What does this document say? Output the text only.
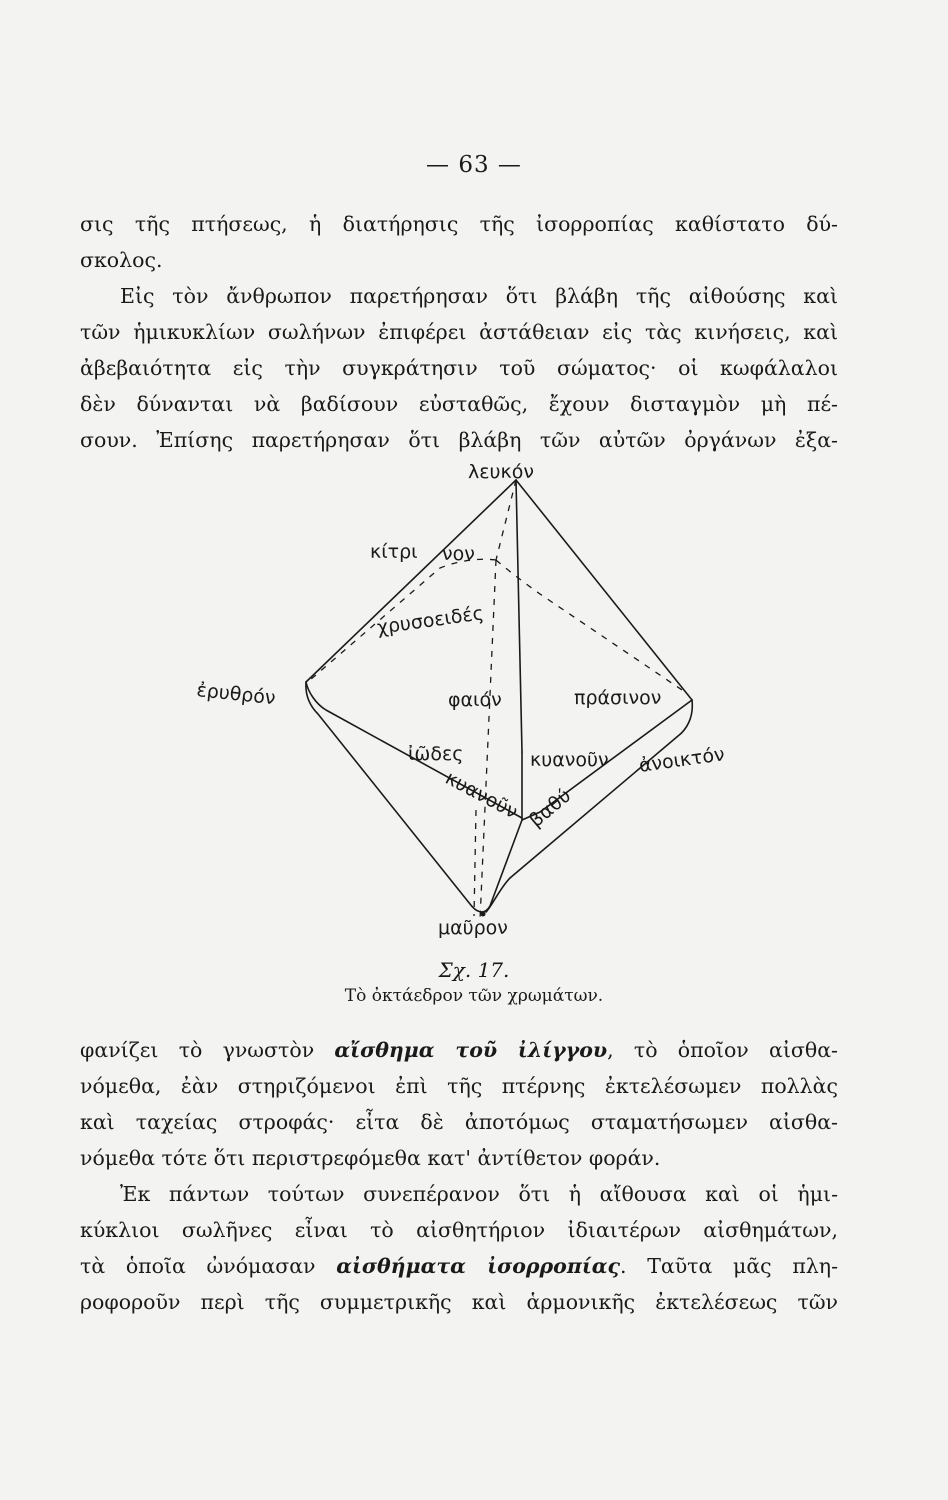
— 63 —
σις τῆς πτήσεως, ἡ διατήρησις τῆς ἰσορροπίας καθίστατο δύ-
σκολος.
Εἰς τὸν ἄνθρωπον παρετήρησαν ὅτι βλάβη τῆς αἰθούσης καὶ
τῶν ἡμικυκλίων σωλήνων ἐπιφέρει ἀστάθειαν εἰς τὰς κινήσεις, καὶ
ἀβεβαιότητα εἰς τὴν συγκράτησιν τοῦ σώματος· οἱ κωφάλαλοι
δὲν δύνανται νὰ βαδίσουν εὐσταθῶς, ἔχουν δισταγμὸν μὴ πέ-
σουν. Ἐπίσης παρετήρησαν ὅτι βλάβη τῶν αὐτῶν ὀργάνων ἐξα-
λευκόν
κίτρι νον
χρυσοειδές
ἐρυθρόν	φαιόν	πράσινον
ἰῶδες	κυανοῦν ἀνοικτόν
κυανοῦν βαθύ
μαῦρον
Σχ. 17.
Τὸ ὀκτάεδρον τῶν χρωμάτων.
φανίζει τὸ γνωστὸν αἴσθημα τοῦ ἰλίγγου, τὸ ὁποῖον αἰσθα-
νόμεθα, ἐὰν στηριζόμενοι ἐπὶ τῆς πτέρνης ἐκτελέσωμεν πολλὰς
καὶ ταχείας στροφάς· εἶτα δὲ ἀποτόμως σταματήσωμεν αἰσθα-
νόμεθα τότε ὅτι περιστρεφόμεθα κατ' ἀντίθετον φοράν.
Ἐκ πάντων τούτων συνεπέρανον ὅτι ἡ αἴθουσα καὶ οἱ ἡμι-
κύκλιοι σωλῆνες εἶναι τὸ αἰσθητήριον ἰδιαιτέρων αἰσθημάτων,
τὰ ὁποῖα ὠνόμασαν αἰσθήματα ἰσορροπίας. Ταῦτα μᾶς πλη-
ροφοροῦν περὶ τῆς συμμετρικῆς καὶ ἁρμονικῆς ἐκτελέσεως τῶν
